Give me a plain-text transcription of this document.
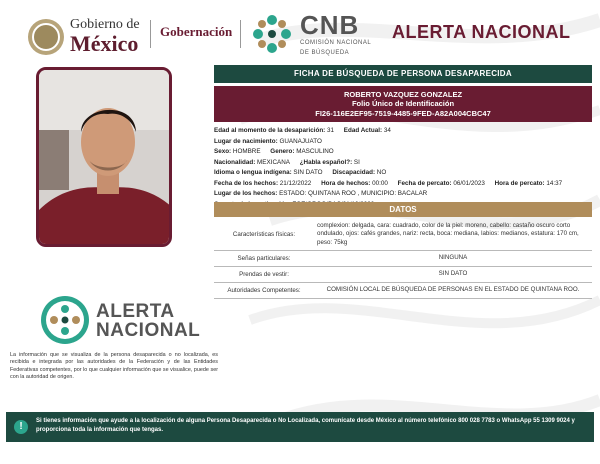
Gobierno de
México Gobernación	CNB
COMISIÓN NACIONAL
DE BÚSQUEDA
ALERTA NACIONAL
FICHA DE BÚSQUEDA DE PERSONA DESAPARECIDA
ROBERTO VAZQUEZ GONZALEZ
Folio Único de Identificación
FI26-116E2EF95-7519-4485-9FED-A82A004CBC47
Edad al momento de la desaparición: 31 Edad Actual: 34
Lugar de nacimiento: GUANAJUATO
Sexo: HOMBRE Genero: MASCULINO
Nacionalidad: MEXICANA ¿Habla español?: SI
Idioma o lengua indígena: SIN DATO Discapacidad: NO
Fecha de los hechos: 21/12/2022 Hora de hechos: 00:00 Fecha de percato: 06/01/2023 Hora de percato: 14:37
Lugar de los hechos: ESTADO: QUINTANA ROO , MUNICIPIO: BACALAR
DATOS
Características físicas:
complexion: delgada, cara: cuadrado, color de la piel: moreno, cabello: castaño oscuro corto ondulado, ojos: cafés grandes, nariz: recta, boca: mediana, labios: medianos, estatura: 170 cm, peso: 75kg
Señas particulares:	NINGUNA
Prendas de vestir:	SIN DATO
Autoridades Competentes:	COMISIÓN LOCAL DE BÚSQUEDA DE PERSONAS EN EL ESTADO DE QUINTANA ROO.
ALERTA
NACIONAL
La información que se visualiza de la persona desaparecida o no localizada, es recibida e integrada por las autoridades de la Federación y de las Entidades Federativas competentes, por lo que cualquier información que se visualice, puede ser con la autoridad de origen.
!	Si tienes información que ayude a la localización de alguna Persona Desaparecida o No Localizada, comunícate desde México al número telefónico 800 028 7783 o WhatsApp 55 1309 9024 y proporciona toda la información que tengas.
